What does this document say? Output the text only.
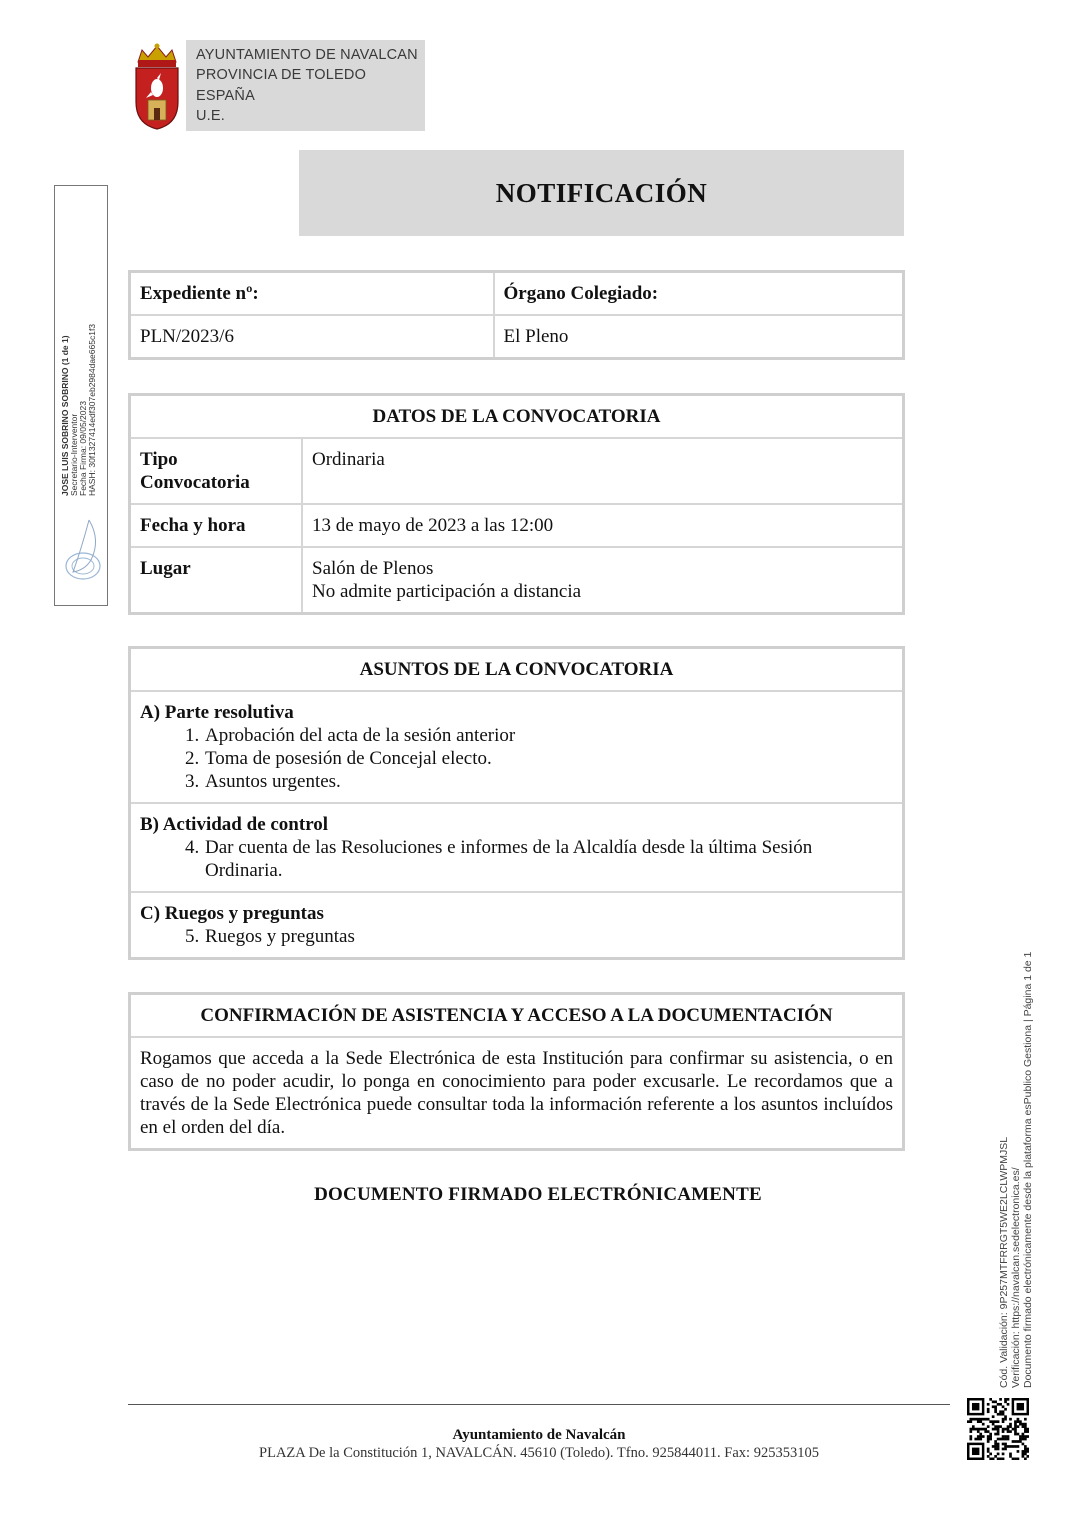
AYUNTAMIENTO DE NAVALCAN
PROVINCIA DE TOLEDO
ESPAÑA
U.E.
NOTIFICACIÓN
Expediente nº:	Órgano Colegiado:
PLN/2023/6	El Pleno
DATOS DE LA CONVOCATORIA	
Tipo Convocatoria	Ordinaria
Fecha y hora	13 de mayo de 2023 a las 12:00
Lugar	Salón de Plenos
No admite participación a distancia
ASUNTOS DE LA CONVOCATORIA

A) Parte resolutiva
1. Aprobación del acta de la sesión anterior
2. Toma de posesión de Concejal electo.
3. Asuntos urgentes.

B) Actividad de control
4. Dar cuenta de las Resoluciones e informes de la Alcaldía desde la última Sesión Ordinaria.

C) Ruegos y preguntas
5. Ruegos y preguntas
CONFIRMACIÓN DE ASISTENCIA Y ACCESO A LA DOCUMENTACIÓN
Rogamos que acceda a la Sede Electrónica de esta Institución para confirmar su asistencia, o en caso de no poder acudir, lo ponga en conocimiento para poder excusarle. Le recordamos que a través de la Sede Electrónica puede consultar toda la información referente a los asuntos incluídos en el orden del día.
DOCUMENTO FIRMADO ELECTRÓNICAMENTE
Ayuntamiento de Navalcán
PLAZA De la Constitución 1, NAVALCÁN. 45610 (Toledo). Tfno. 925844011. Fax: 925353105
JOSE LUIS SOBRINO SOBRINO (1 de 1) Secretario-Interventor Fecha Firma: 09/05/2023 HASH: 30f1327414edf307eb2984dae665c1f3
Cód. Validación: 9P257MTFRRGT5WE2LCLWPMJSL Verificación: https://navalcan.sedelectronica.es/ Documento firmado electrónicamente desde la plataforma esPublico Gestiona | Página 1 de 1
